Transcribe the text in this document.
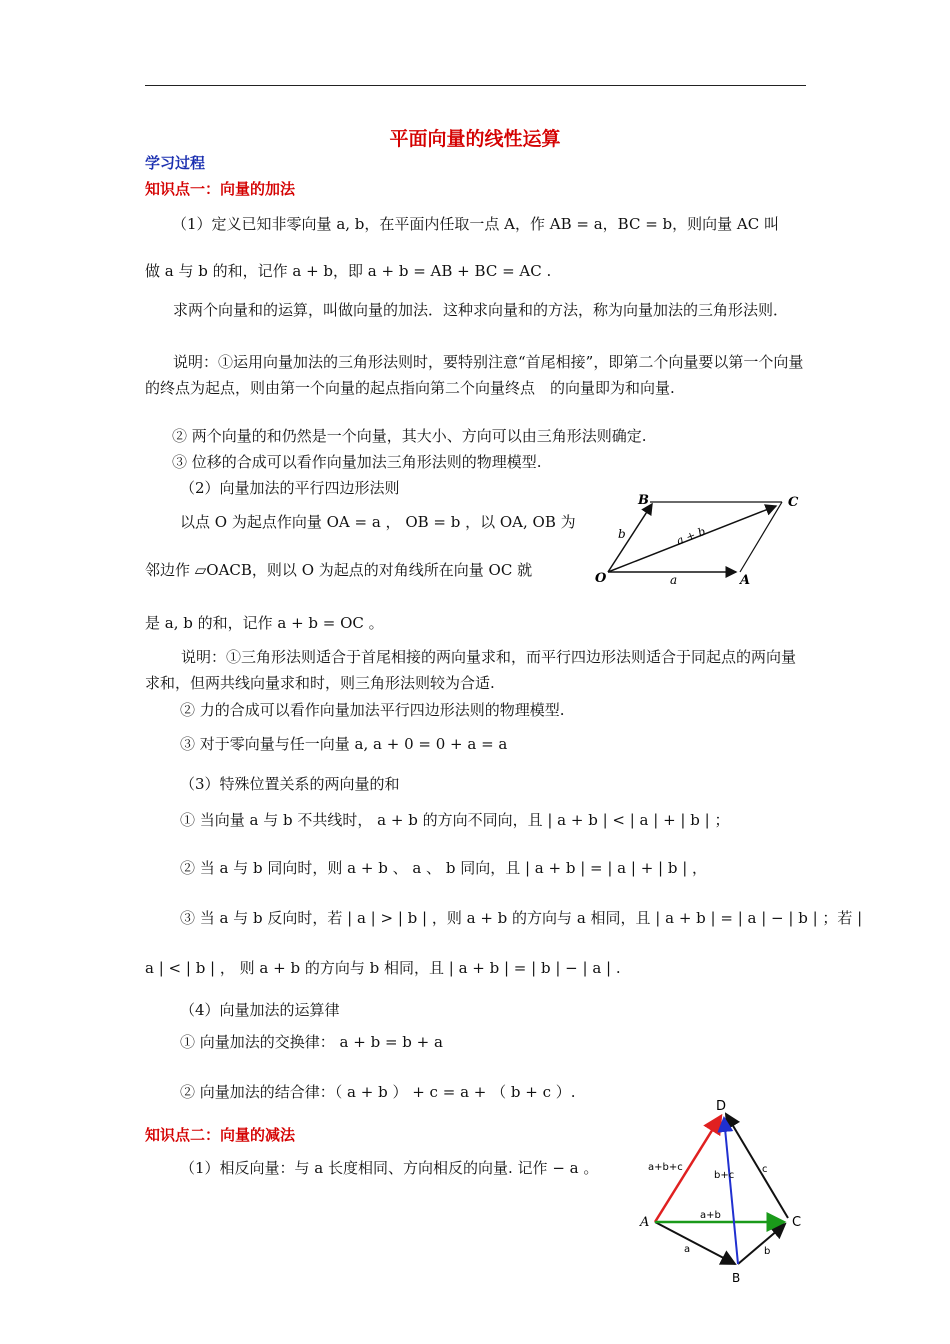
平面向量的线性运算
学习过程
知识点一：向量的加法
（1）定义已知非零向量 a, b，在平面内任取一点 A，作 AB = a，BC = b，则向量 AC 叫
做 a 与 b 的和，记作 a + b，即 a + b = AB + BC = AC .
求两个向量和的运算，叫做向量的加法．这种求向量和的方法，称为向量加法的三角形法则．
说明：①运用向量加法的三角形法则时，要特别注意“首尾相接”，即第二个向量要以第一个向量的终点为起点，则由第一个向量的起点指向第二个向量终点　的向量即为和向量.
② 两个向量的和仍然是一个向量，其大小、方向可以由三角形法则确定.
③ 位移的合成可以看作向量加法三角形法则的物理模型.
（2）向量加法的平行四边形法则
以点 O 为起点作向量 OA = a ， OB = b ，以 OA, OB 为
邻边作 ▱OACB，则以 O 为起点的对角线所在向量 OC 就
是 a, b 的和，记作 a + b = OC 。
O	A
B	C
a
b	a + b
说明：①三角形法则适合于首尾相接的两向量求和，而平行四边形法则适合于同起点的两向量求和，但两共线向量求和时，则三角形法则较为合适.
② 力的合成可以看作向量加法平行四边形法则的物理模型.
③ 对于零向量与任一向量 a, a + 0 = 0 + a = a
（3）特殊位置关系的两向量的和
① 当向量 a 与 b 不共线时， a + b 的方向不同向，且 | a + b | < | a | + | b | ；
② 当 a 与 b 同向时，则 a + b 、 a 、 b 同向，且 | a + b | = | a | + | b | ，
③ 当 a 与 b 反向时，若 | a | > | b | ，则 a + b 的方向与 a 相同，且 | a + b | = | a | − | b | ；若 |
a | < | b | ， 则 a + b 的方向与 b 相同，且 | a + b | = | b | − | a | .
（4）向量加法的运算律
① 向量加法的交换律： a + b = b + a
② 向量加法的结合律：（ a + b ） + c = a + （ b + c ）.
知识点二：向量的减法
（1）相反向量：与 a 长度相同、方向相反的向量. 记作 − a 。
D
A
B
C
a+b+c
b+c
a+b
a	b
c
